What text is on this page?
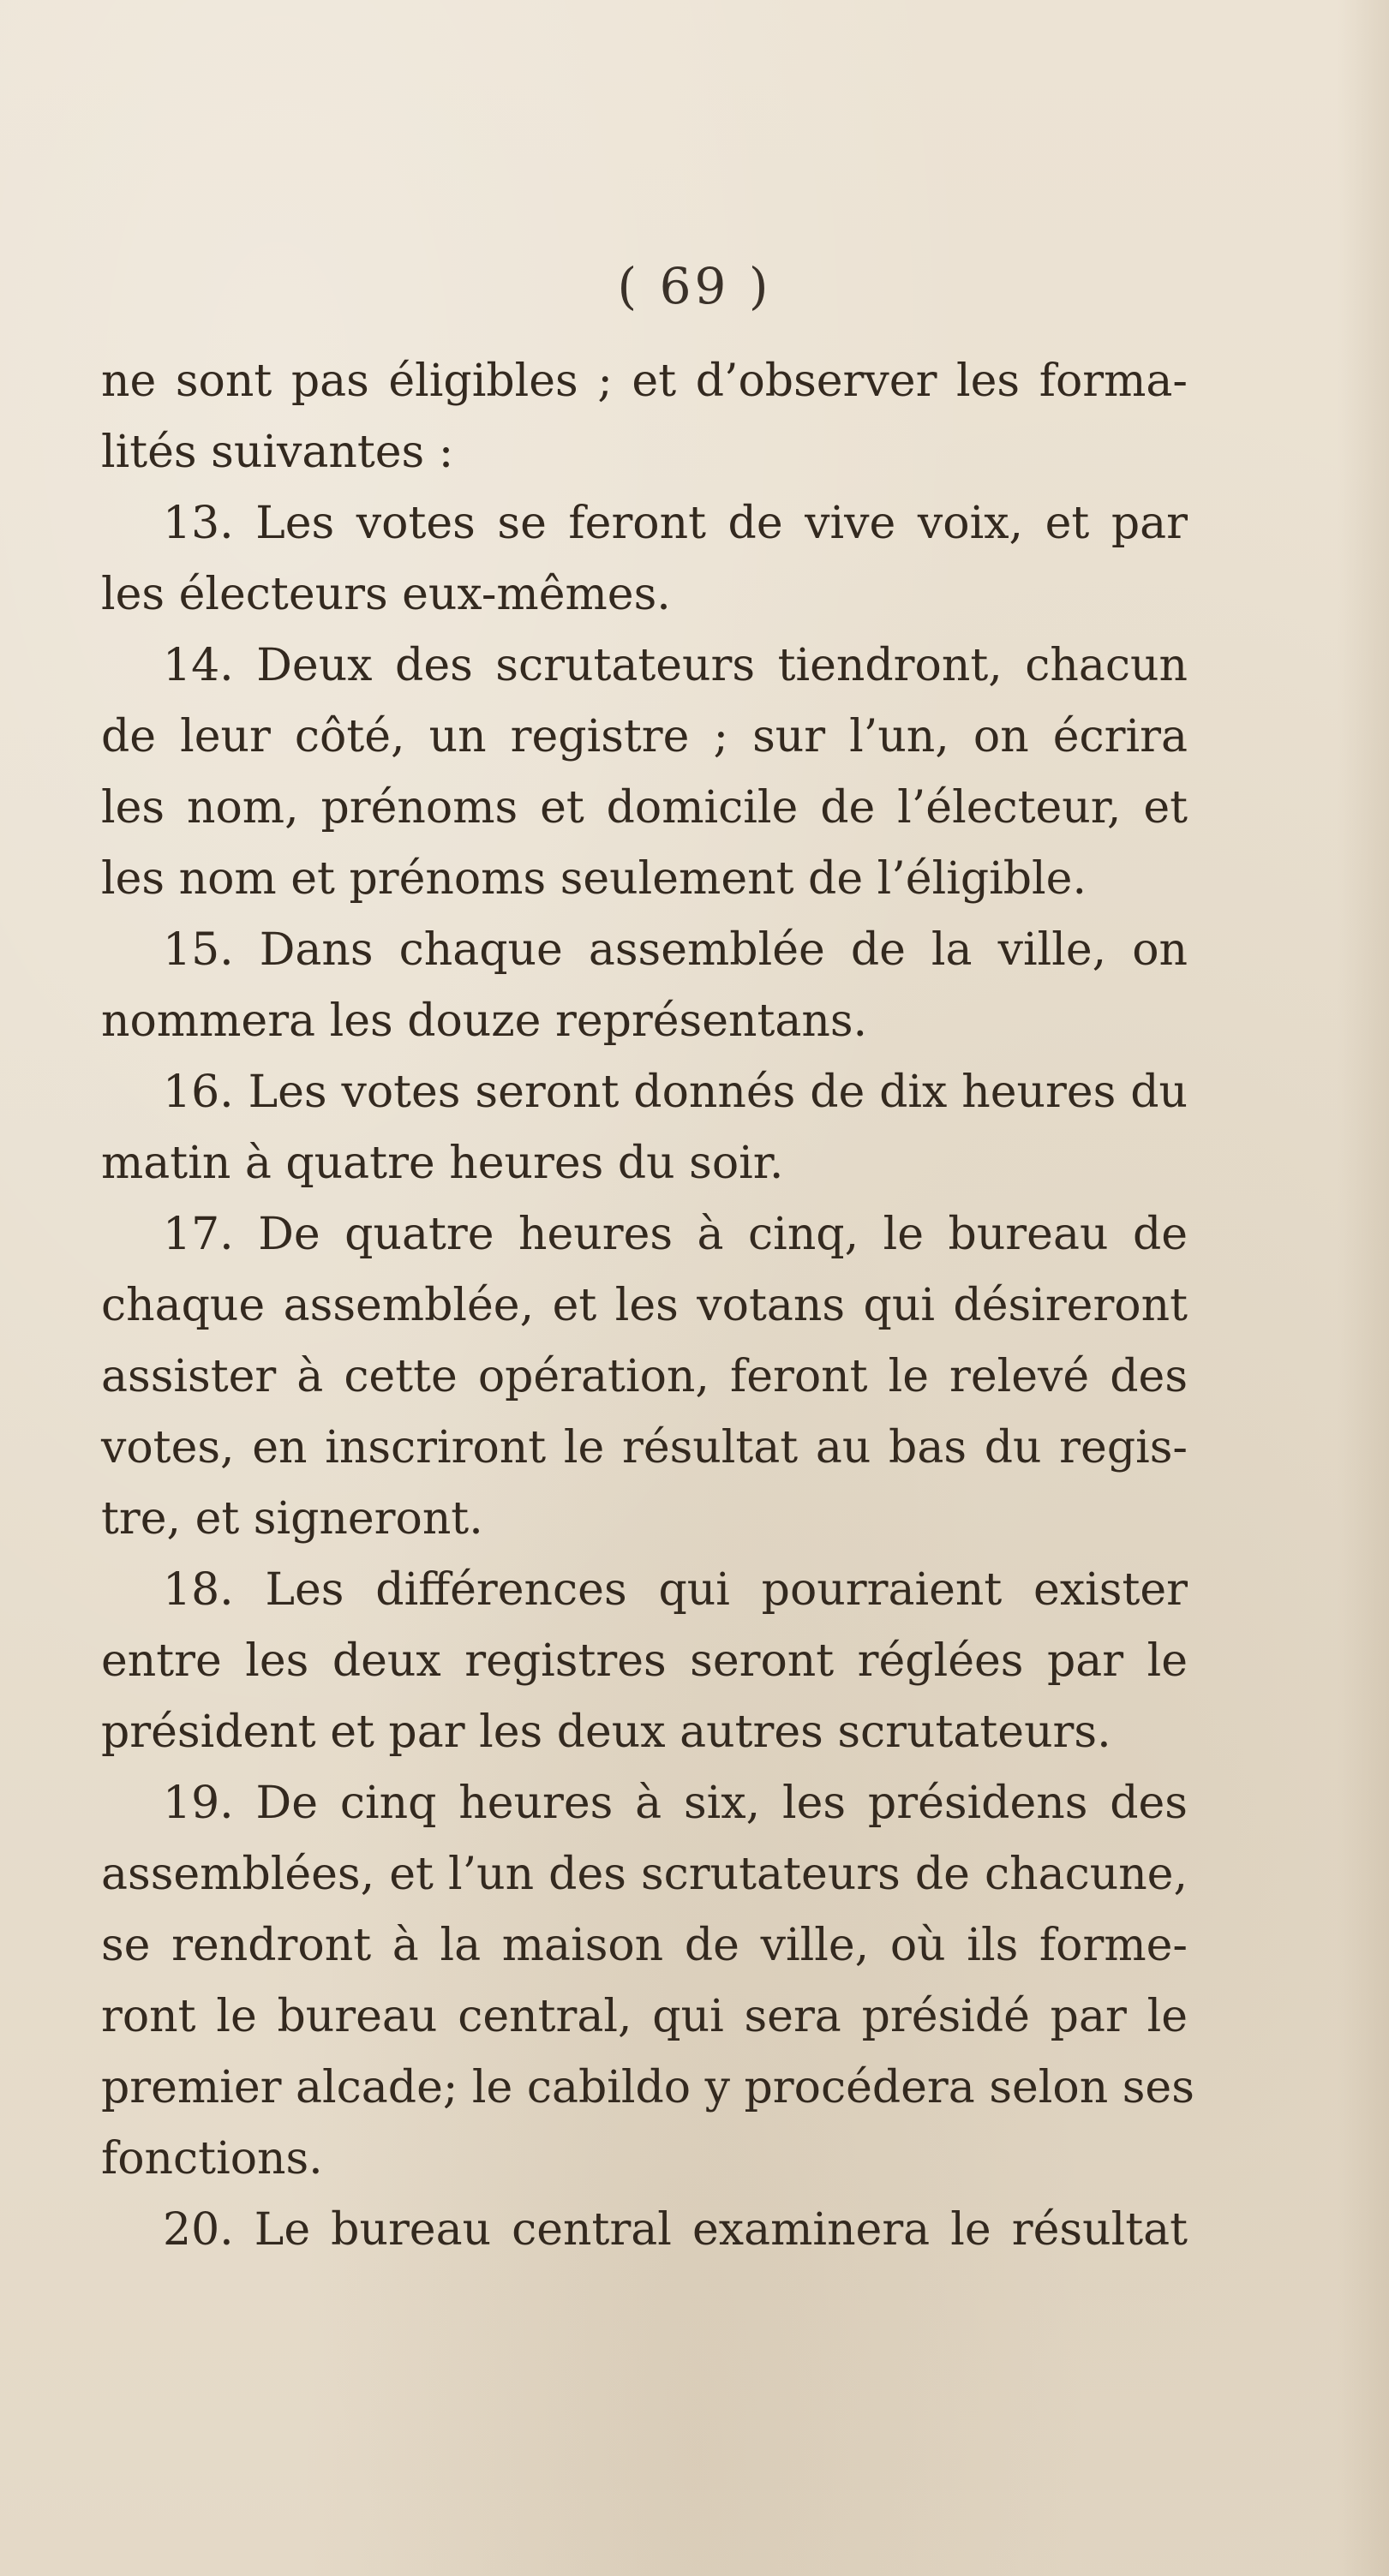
( 69 )
ne sont pas éligibles ; et d’observer les forma-
lités suivantes :
13. Les votes se feront de vive voix, et par
les électeurs eux-mêmes.
14. Deux des scrutateurs tiendront, chacun
de leur côté, un registre ; sur l’un, on écrira
les nom, prénoms et domicile de l’électeur, et
les nom et prénoms seulement de l’éligible.
15. Dans chaque assemblée de la ville, on
nommera les douze représentans.
16. Les votes seront donnés de dix heures du
matin à quatre heures du soir.
17. De quatre heures à cinq, le bureau de
chaque assemblée, et les votans qui désireront
assister à cette opération, feront le relevé des
votes, en inscriront le résultat au bas du regis-
tre, et signeront.
18. Les différences qui pourraient exister
entre les deux registres seront réglées par le
président et par les deux autres scrutateurs.
19. De cinq heures à six, les présidens des
assemblées, et l’un des scrutateurs de chacune,
se rendront à la maison de ville, où ils forme-
ront le bureau central, qui sera présidé par le
premier alcade; le cabildo y procédera selon ses
fonctions.
20. Le bureau central examinera le résultat
